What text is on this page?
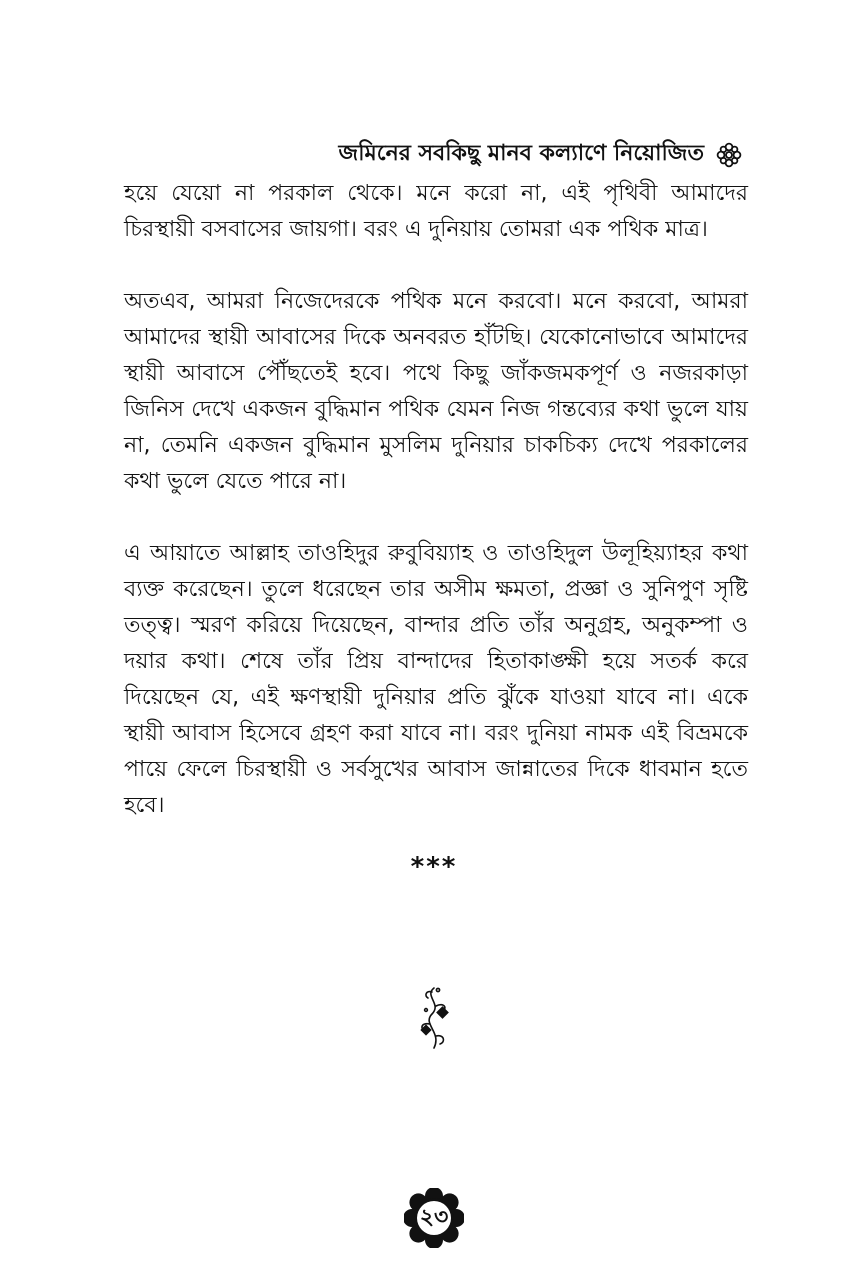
জমিনের সবকিছু মানব কল্যাণে নিয়োজিত

হয়ে যেয়ো না পরকাল থেকে। মনে করো না, এই পৃথিবী আমাদের চিরস্থায়ী বসবাসের জায়গা। বরং এ দুনিয়ায় তোমরা এক পথিক মাত্র।

অতএব, আমরা নিজেদেরকে পথিক মনে করবো। মনে করবো, আমরা আমাদের স্থায়ী আবাসের দিকে অনবরত হাঁটছি। যেকোনোভাবে আমাদের স্থায়ী আবাসে পৌঁছতেই হবে। পথে কিছু জাঁকজমকপূর্ণ ও নজরকাড়া জিনিস দেখে একজন বুদ্ধিমান পথিক যেমন নিজ গন্তব্যের কথা ভুলে যায় না, তেমনি একজন বুদ্ধিমান মুসলিম দুনিয়ার চাকচিক্য দেখে পরকালের কথা ভুলে যেতে পারে না।

এ আয়াতে আল্লাহ তাওহিদুর রুবুবিয়্যাহ ও তাওহিদুল উলূহিয়্যাহর কথা ব্যক্ত করেছেন। তুলে ধরেছেন তার অসীম ক্ষমতা, প্রজ্ঞা ও সুনিপুণ সৃষ্টি তত্ত্ব। স্মরণ করিয়ে দিয়েছেন, বান্দার প্রতি তাঁর অনুগ্রহ, অনুকম্পা ও দয়ার কথা। শেষে তাঁর প্রিয় বান্দাদের হিতাকাঙ্ক্ষী হয়ে সতর্ক করে দিয়েছেন যে, এই ক্ষণস্থায়ী দুনিয়ার প্রতি ঝুঁকে যাওয়া যাবে না। একে স্থায়ী আবাস হিসেবে গ্রহণ করা যাবে না। বরং দুনিয়া নামক এই বিভ্রমকে পায়ে ফেলে চিরস্থায়ী ও সর্বসুখের আবাস জান্নাতের দিকে ধাবমান হতে হবে।

***
২৩
